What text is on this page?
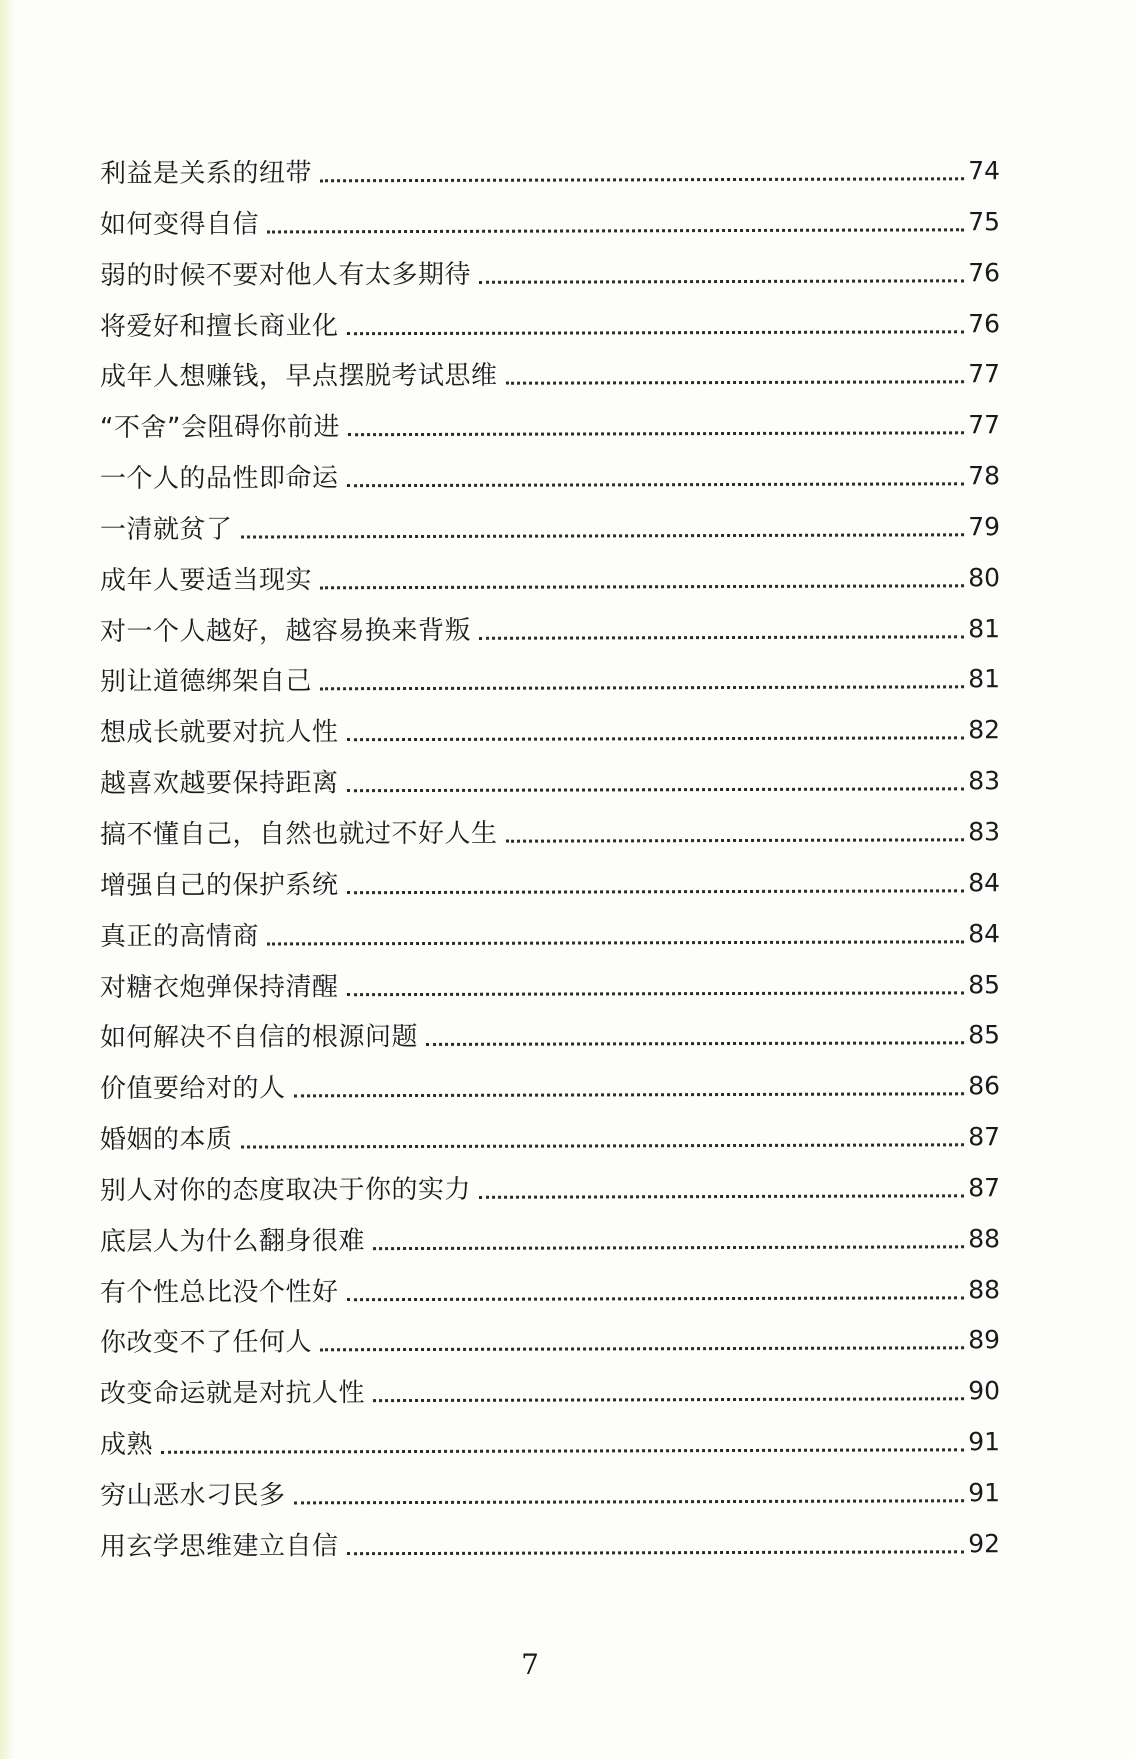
利益是关系的纽带	74
如何变得自信	75
弱的时候不要对他人有太多期待	76
将爱好和擅长商业化	76
成年人想赚钱，早点摆脱考试思维	77
“不舍”会阻碍你前进	77
一个人的品性即命运	78
一清就贫了	79
成年人要适当现实	80
对一个人越好，越容易换来背叛	81
别让道德绑架自己	81
想成长就要对抗人性	82
越喜欢越要保持距离	83
搞不懂自己，自然也就过不好人生	83
增强自己的保护系统	84
真正的高情商	84
对糖衣炮弹保持清醒	85
如何解决不自信的根源问题	85
价值要给对的人	86
婚姻的本质	87
别人对你的态度取决于你的实力	87
底层人为什么翻身很难	88
有个性总比没个性好	88
你改变不了任何人	89
改变命运就是对抗人性	90
成熟	91
穷山恶水刁民多	91
用玄学思维建立自信	92
7
